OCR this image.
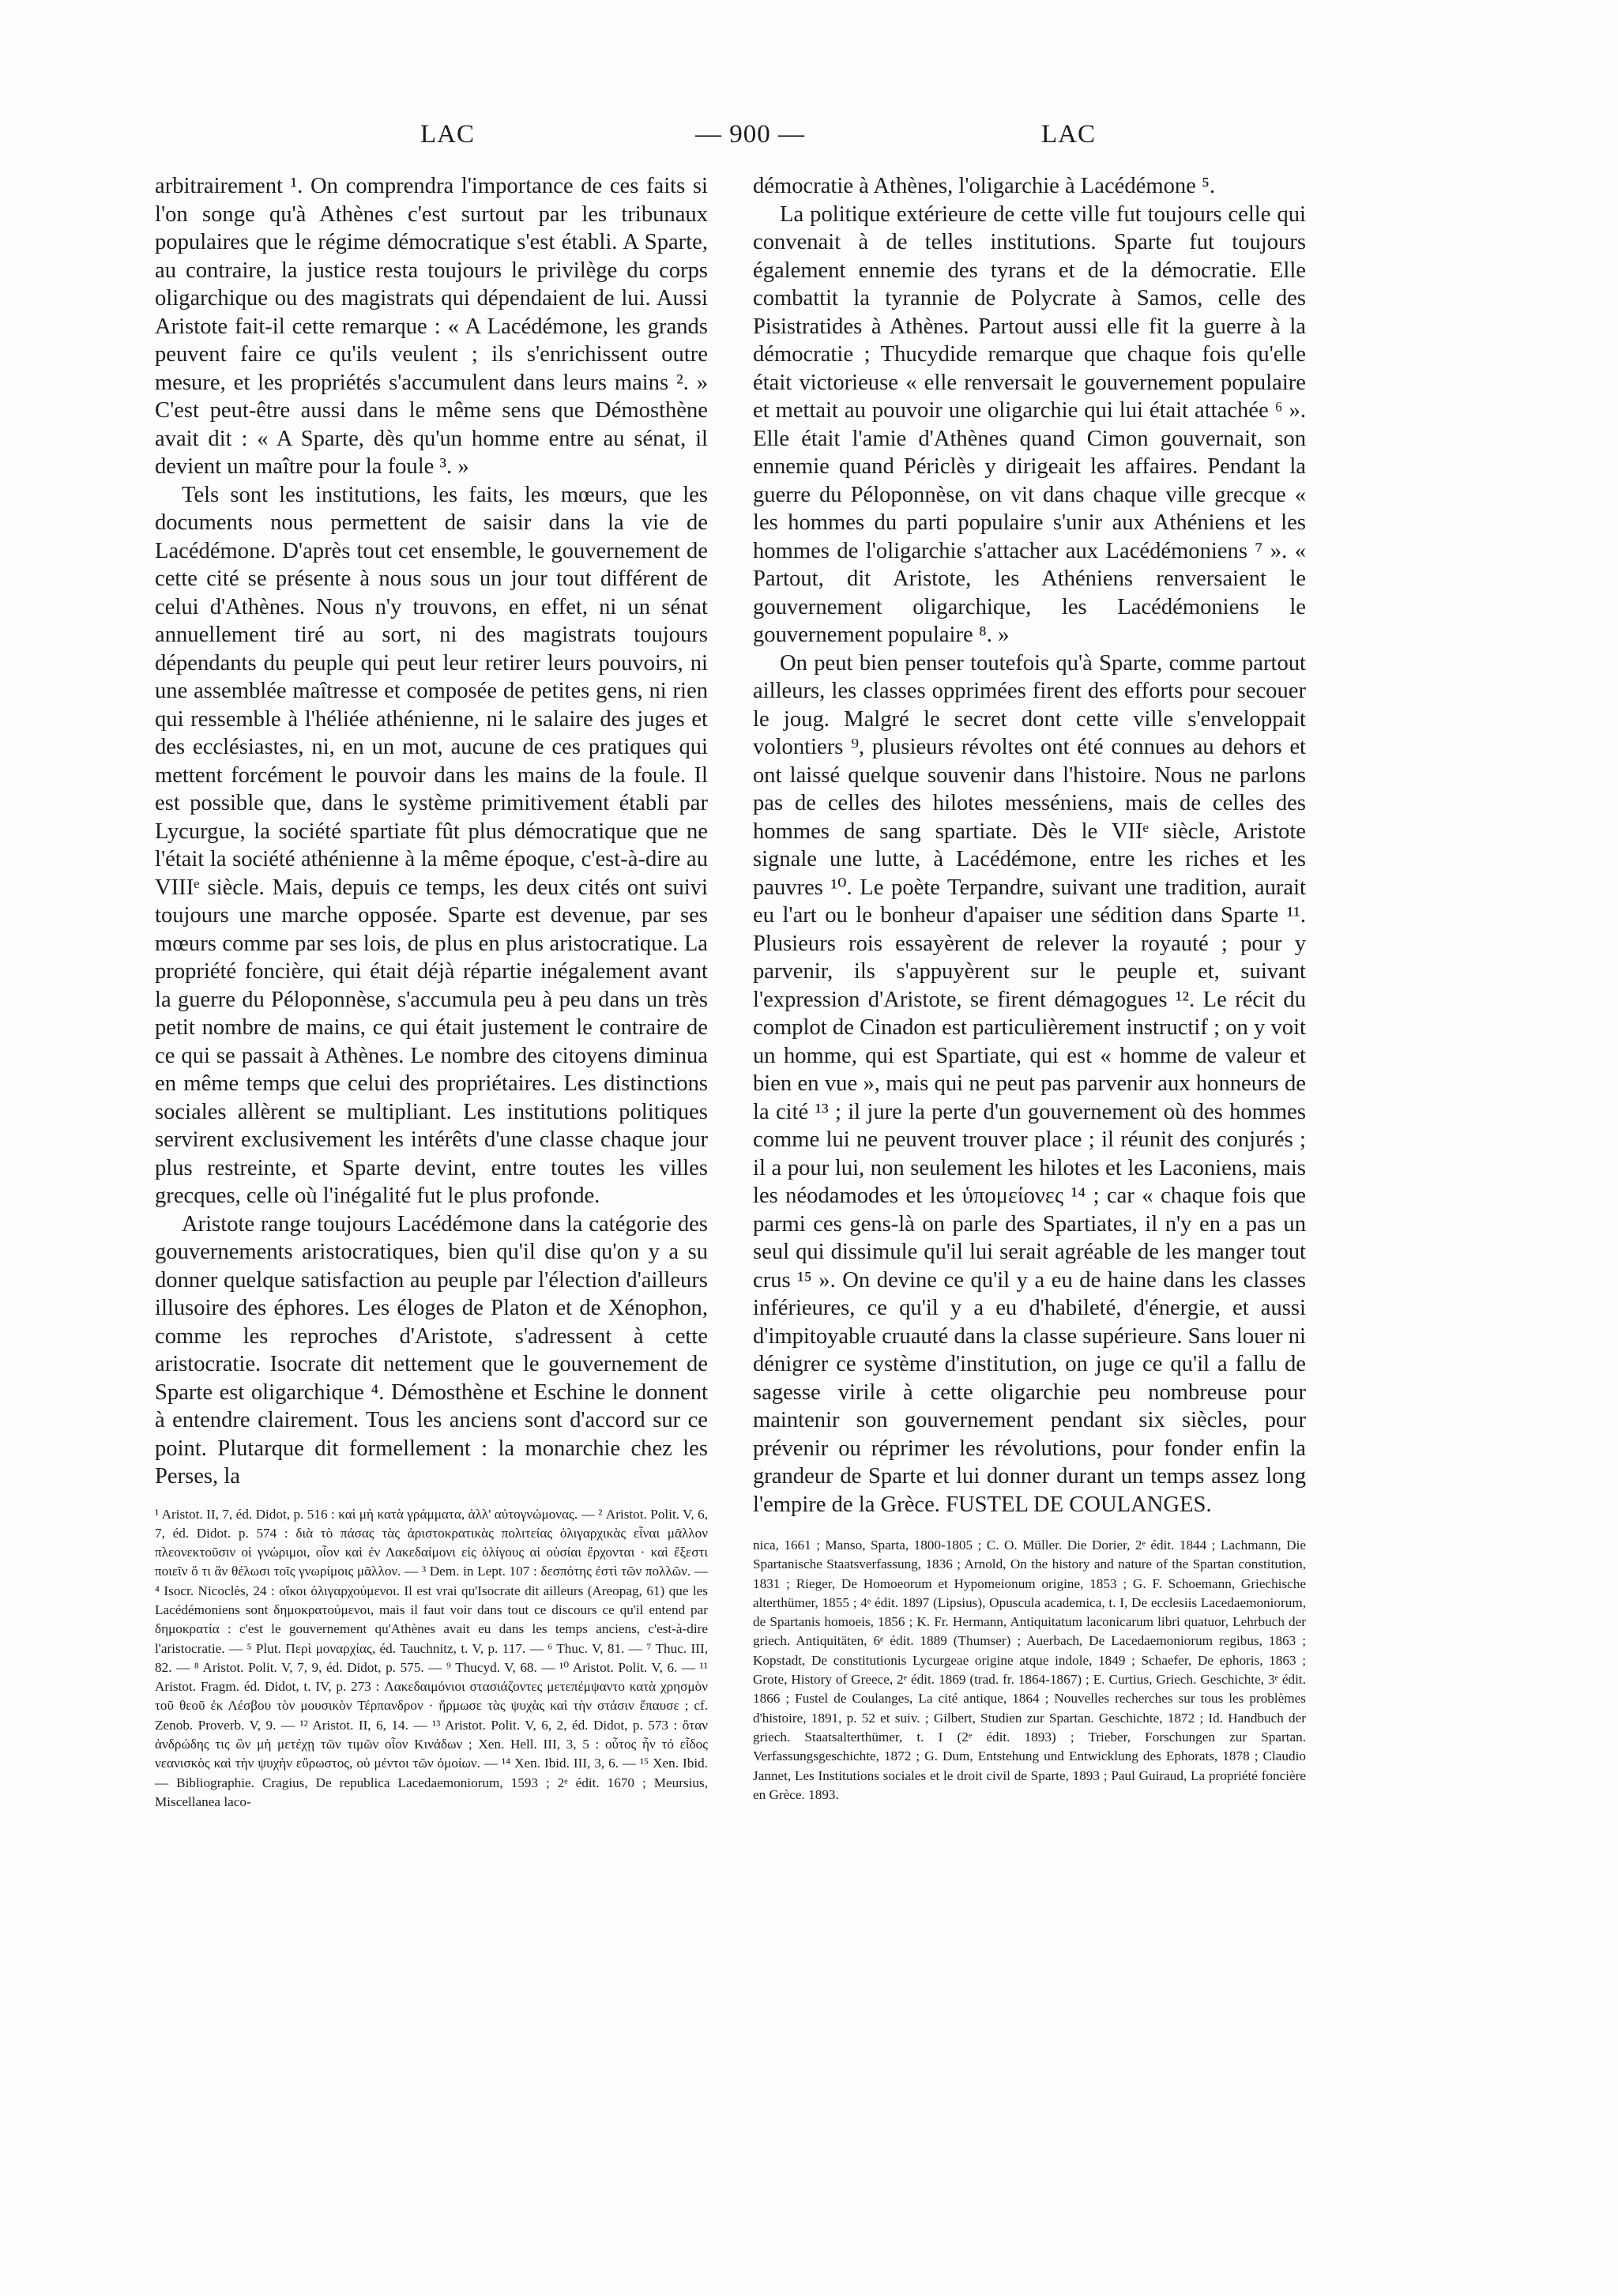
LAC	— 900 —	LAC

arbitrairement ¹. On comprendra l'importance de ces faits si l'on songe qu'à Athènes c'est surtout par les tribunaux populaires que le régime démocratique s'est établi. A Sparte, au contraire, la justice resta toujours le privilège du corps oligarchique ou des magistrats qui dépendaient de lui. Aussi Aristote fait-il cette remarque : « A Lacédémone, les grands peuvent faire ce qu'ils veulent ; ils s'enrichissent outre mesure, et les propriétés s'accumulent dans leurs mains ². » C'est peut-être aussi dans le même sens que Démosthène avait dit : « A Sparte, dès qu'un homme entre au sénat, il devient un maître pour la foule ³. »

Tels sont les institutions, les faits, les mœurs, que les documents nous permettent de saisir dans la vie de Lacédémone. D'après tout cet ensemble, le gouvernement de cette cité se présente à nous sous un jour tout différent de celui d'Athènes. Nous n'y trouvons, en effet, ni un sénat annuellement tiré au sort, ni des magistrats toujours dépendants du peuple qui peut leur retirer leurs pouvoirs, ni une assemblée maîtresse et composée de petites gens, ni rien qui ressemble à l'héliée athénienne, ni le salaire des juges et des ecclésiastes, ni, en un mot, aucune de ces pratiques qui mettent forcément le pouvoir dans les mains de la foule. Il est possible que, dans le système primitivement établi par Lycurgue, la société spartiate fût plus démocratique que ne l'était la société athénienne à la même époque, c'est-à-dire au VIIIᵉ siècle. Mais, depuis ce temps, les deux cités ont suivi toujours une marche opposée. Sparte est devenue, par ses mœurs comme par ses lois, de plus en plus aristocratique. La propriété foncière, qui était déjà répartie inégalement avant la guerre du Péloponnèse, s'accumula peu à peu dans un très petit nombre de mains, ce qui était justement le contraire de ce qui se passait à Athènes. Le nombre des citoyens diminua en même temps que celui des propriétaires. Les distinctions sociales allèrent se multipliant. Les institutions politiques servirent exclusivement les intérêts d'une classe chaque jour plus restreinte, et Sparte devint, entre toutes les villes grecques, celle où l'inégalité fut le plus profonde.

Aristote range toujours Lacédémone dans la catégorie des gouvernements aristocratiques, bien qu'il dise qu'on y a su donner quelque satisfaction au peuple par l'élection d'ailleurs illusoire des éphores. Les éloges de Platon et de Xénophon, comme les reproches d'Aristote, s'adressent à cette aristocratie. Isocrate dit nettement que le gouvernement de Sparte est oligarchique ⁴. Démosthène et Eschine le donnent à entendre clairement. Tous les anciens sont d'accord sur ce point. Plutarque dit formellement : la monarchie chez les Perses, la

¹ Aristot. II, 7, éd. Didot, p. 516 : καὶ μὴ κατὰ γράμματα, ἀλλ' αὐτογνώμονας. — ² Aristot. Polit. V, 6, 7, éd. Didot. p. 574 : διὰ τὸ πάσας τὰς ἀριστοκρατικὰς πολιτείας ὀλιγαρχικὰς εἶναι μᾶλλον πλεονεκτοῦσιν οἱ γνώριμοι, οἷον καὶ ἐν Λακεδαίμονι εἰς ὀλίγους αἱ οὐσίαι ἔρχονται · καὶ ἔξεστι ποιεῖν ὅ τι ἂν θέλωσι τοῖς γνωρίμοις μᾶλλον. — ³ Dem. in Lept. 107 : δεσπότης ἐστὶ τῶν πολλῶν. — ⁴ Isocr. Nicoclès, 24 : οἴκοι ὀλιγαρχούμενοι. Il est vrai qu'Isocrate dit ailleurs (Areopag, 61) que les Lacédémoniens sont δημοκρατούμενοι, mais il faut voir dans tout ce discours ce qu'il entend par δημοκρατία : c'est le gouvernement qu'Athènes avait eu dans les temps anciens, c'est-à-dire l'aristocratie. — ⁵ Plut. Περὶ μοναρχίας, éd. Tauchnitz, t. V, p. 117. — ⁶ Thuc. V, 81. — ⁷ Thuc. III, 82. — ⁸ Aristot. Polit. V, 7, 9, éd. Didot, p. 575. — ⁹ Thucyd. V, 68. — ¹⁰ Aristot. Polit. V, 6. — ¹¹ Aristot. Fragm. éd. Didot, t. IV, p. 273 : Λακεδαιμόνιοι στασιάζοντες μετεπέμψαντο κατὰ χρησμὸν τοῦ θεοῦ ἐκ Λέσβου τὸν μουσικὸν Τέρπανδρον · ἥρμωσε τὰς ψυχὰς καὶ τὴν στάσιν ἔπαυσε ; cf. Zenob. Proverb. V, 9. — ¹² Aristot. II, 6, 14. — ¹³ Aristot. Polit. V, 6, 2, éd. Didot, p. 573 : ὅταν ἀνδρώδης τις ὢν μὴ μετέχῃ τῶν τιμῶν οἷον Κινάδων ; Xen. Hell. III, 3, 5 : οὗτος ἦν τό εἶδος νεανισκὸς καὶ τὴν ψυχὴν εὔρωστος, οὐ μέντοι τῶν ὁμοίων. — ¹⁴ Xen. Ibid. III, 3, 6. — ¹⁵ Xen. Ibid. — Bibliographie. Cragius, De republica Lacedaemoniorum, 1593 ; 2ᵉ édit. 1670 ; Meursius, Miscellanea laco-

démocratie à Athènes, l'oligarchie à Lacédémone ⁵.

La politique extérieure de cette ville fut toujours celle qui convenait à de telles institutions. Sparte fut toujours également ennemie des tyrans et de la démocratie. Elle combattit la tyrannie de Polycrate à Samos, celle des Pisistratides à Athènes. Partout aussi elle fit la guerre à la démocratie ; Thucydide remarque que chaque fois qu'elle était victorieuse « elle renversait le gouvernement populaire et mettait au pouvoir une oligarchie qui lui était attachée ⁶ ». Elle était l'amie d'Athènes quand Cimon gouvernait, son ennemie quand Périclès y dirigeait les affaires. Pendant la guerre du Péloponnèse, on vit dans chaque ville grecque « les hommes du parti populaire s'unir aux Athéniens et les hommes de l'oligarchie s'attacher aux Lacédémoniens ⁷ ». « Partout, dit Aristote, les Athéniens renversaient le gouvernement oligarchique, les Lacédémoniens le gouvernement populaire ⁸. »

On peut bien penser toutefois qu'à Sparte, comme partout ailleurs, les classes opprimées firent des efforts pour secouer le joug. Malgré le secret dont cette ville s'enveloppait volontiers ⁹, plusieurs révoltes ont été connues au dehors et ont laissé quelque souvenir dans l'histoire. Nous ne parlons pas de celles des hilotes messéniens, mais de celles des hommes de sang spartiate. Dès le VIIᵉ siècle, Aristote signale une lutte, à Lacédémone, entre les riches et les pauvres ¹⁰. Le poète Terpandre, suivant une tradition, aurait eu l'art ou le bonheur d'apaiser une sédition dans Sparte ¹¹. Plusieurs rois essayèrent de relever la royauté ; pour y parvenir, ils s'appuyèrent sur le peuple et, suivant l'expression d'Aristote, se firent démagogues ¹². Le récit du complot de Cinadon est particulièrement instructif ; on y voit un homme, qui est Spartiate, qui est « homme de valeur et bien en vue », mais qui ne peut pas parvenir aux honneurs de la cité ¹³ ; il jure la perte d'un gouvernement où des hommes comme lui ne peuvent trouver place ; il réunit des conjurés ; il a pour lui, non seulement les hilotes et les Laconiens, mais les néodamodes et les ὑπομείονες ¹⁴ ; car « chaque fois que parmi ces gens-là on parle des Spartiates, il n'y en a pas un seul qui dissimule qu'il lui serait agréable de les manger tout crus ¹⁵ ». On devine ce qu'il y a eu de haine dans les classes inférieures, ce qu'il y a eu d'habileté, d'énergie, et aussi d'impitoyable cruauté dans la classe supérieure. Sans louer ni dénigrer ce système d'institution, on juge ce qu'il a fallu de sagesse virile à cette oligarchie peu nombreuse pour maintenir son gouvernement pendant six siècles, pour prévenir ou réprimer les révolutions, pour fonder enfin la grandeur de Sparte et lui donner durant un temps assez long l'empire de la Grèce. FUSTEL DE COULANGES.

nica, 1661 ; Manso, Sparta, 1800-1805 ; C. O. Müller. Die Dorier, 2ᵉ édit. 1844 ; Lachmann, Die Spartanische Staatsverfassung, 1836 ; Arnold, On the history and nature of the Spartan constitution, 1831 ; Rieger, De Homoeorum et Hypomeionum origine, 1853 ; G. F. Schoemann, Griechische alterthümer, 1855 ; 4ᵉ édit. 1897 (Lipsius), Opuscula academica, t. I, De ecclesiis Lacedaemoniorum, de Spartanis homoeis, 1856 ; K. Fr. Hermann, Antiquitatum laconicarum libri quatuor, Lehrbuch der griech. Antiquitäten, 6ᵉ édit. 1889 (Thumser) ; Auerbach, De Lacedaemoniorum regibus, 1863 ; Kopstadt, De constitutionis Lycurgeae origine atque indole, 1849 ; Schaefer, De ephoris, 1863 ; Grote, History of Greece, 2ᵉ édit. 1869 (trad. fr. 1864-1867) ; E. Curtius, Griech. Geschichte, 3ᵉ édit. 1866 ; Fustel de Coulanges, La cité antique, 1864 ; Nouvelles recherches sur tous les problèmes d'histoire, 1891, p. 52 et suiv. ; Gilbert, Studien zur Spartan. Geschichte, 1872 ; Id. Handbuch der griech. Staatsalterthümer, t. I (2ᵉ édit. 1893) ; Trieber, Forschungen zur Spartan. Verfassungsgeschichte, 1872 ; G. Dum, Entstehung und Entwicklung des Ephorats, 1878 ; Claudio Jannet, Les Institutions sociales et le droit civil de Sparte, 1893 ; Paul Guiraud, La propriété foncière en Grèce. 1893.
